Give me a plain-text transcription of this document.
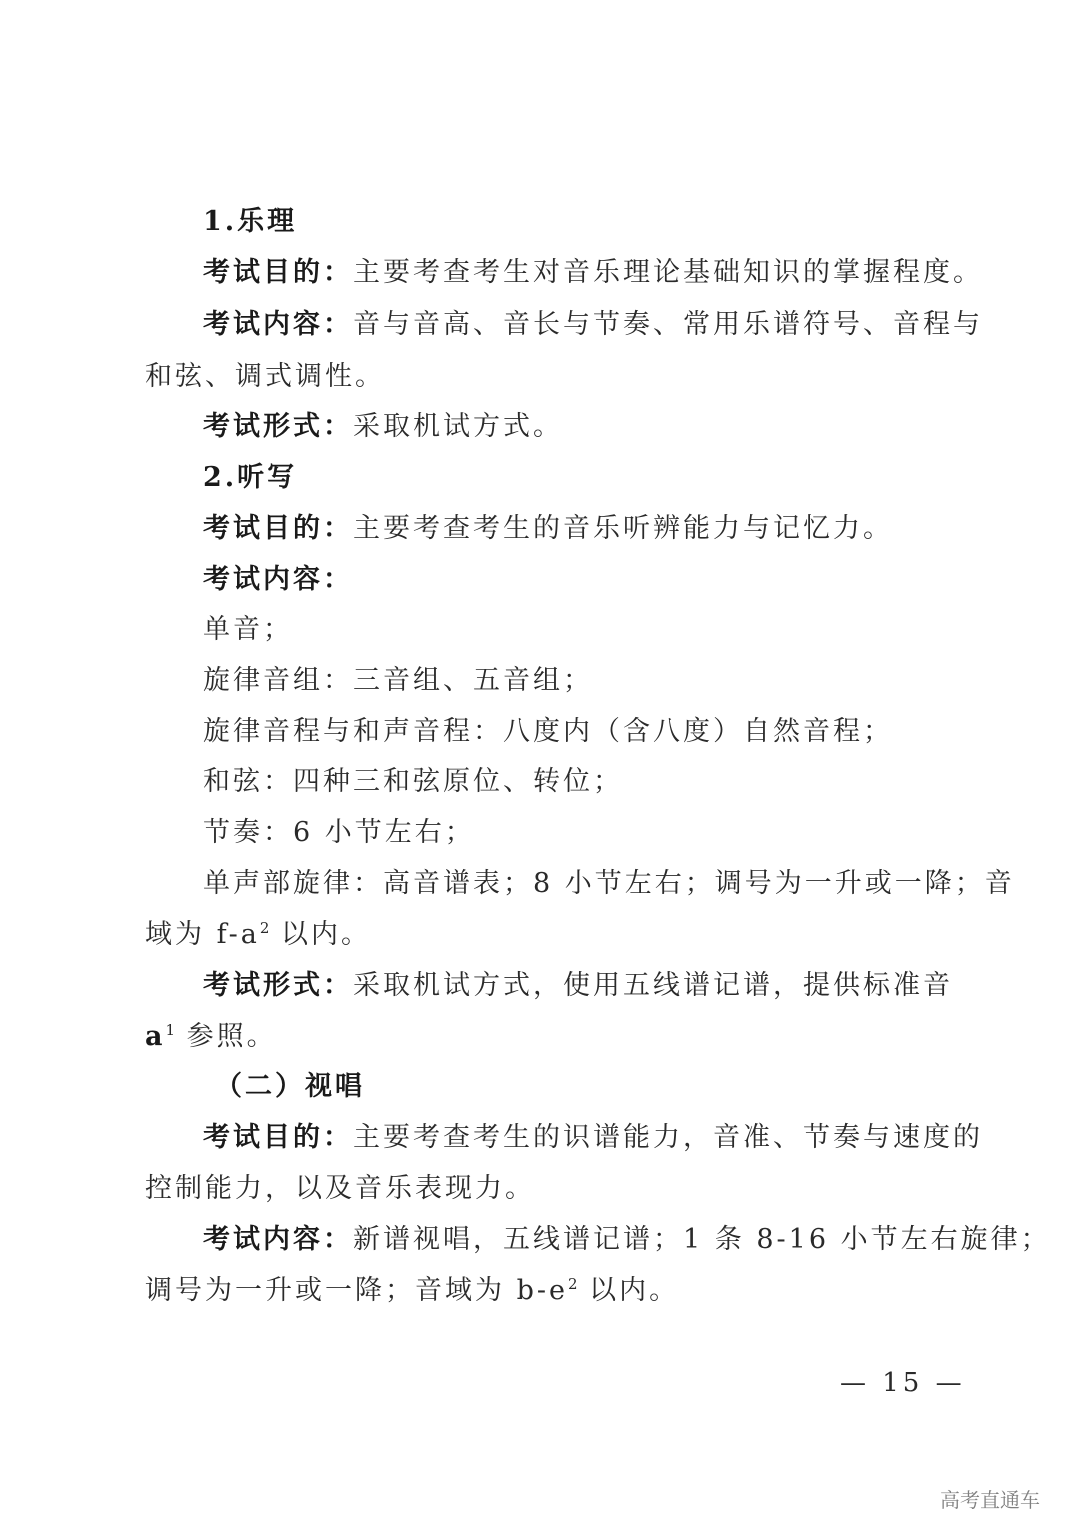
1.乐理
考试目的：主要考查考生对音乐理论基础知识的掌握程度。
考试内容：音与音高、音长与节奏、常用乐谱符号、音程与
和弦、调式调性。
考试形式：采取机试方式。
2.听写
考试目的：主要考查考生的音乐听辨能力与记忆力。
考试内容：
单音；
旋律音组：三音组、五音组；
旋律音程与和声音程：八度内（含八度）自然音程；
和弦：四种三和弦原位、转位；
节奏：6 小节左右；
单声部旋律：高音谱表；8 小节左右；调号为一升或一降；音
域为 $f-a^2$ 以内。
考试形式：采取机试方式，使用五线谱记谱，提供标准音
$a^1$ 参照。
（二）视唱
考试目的：主要考查考生的识谱能力，音准、节奏与速度的
控制能力，以及音乐表现力。
考试内容：新谱视唱，五线谱记谱；1 条 8-16 小节左右旋律；
调号为一升或一降；音域为 $b-e^2$ 以内。
— 15 —
高考直通车
